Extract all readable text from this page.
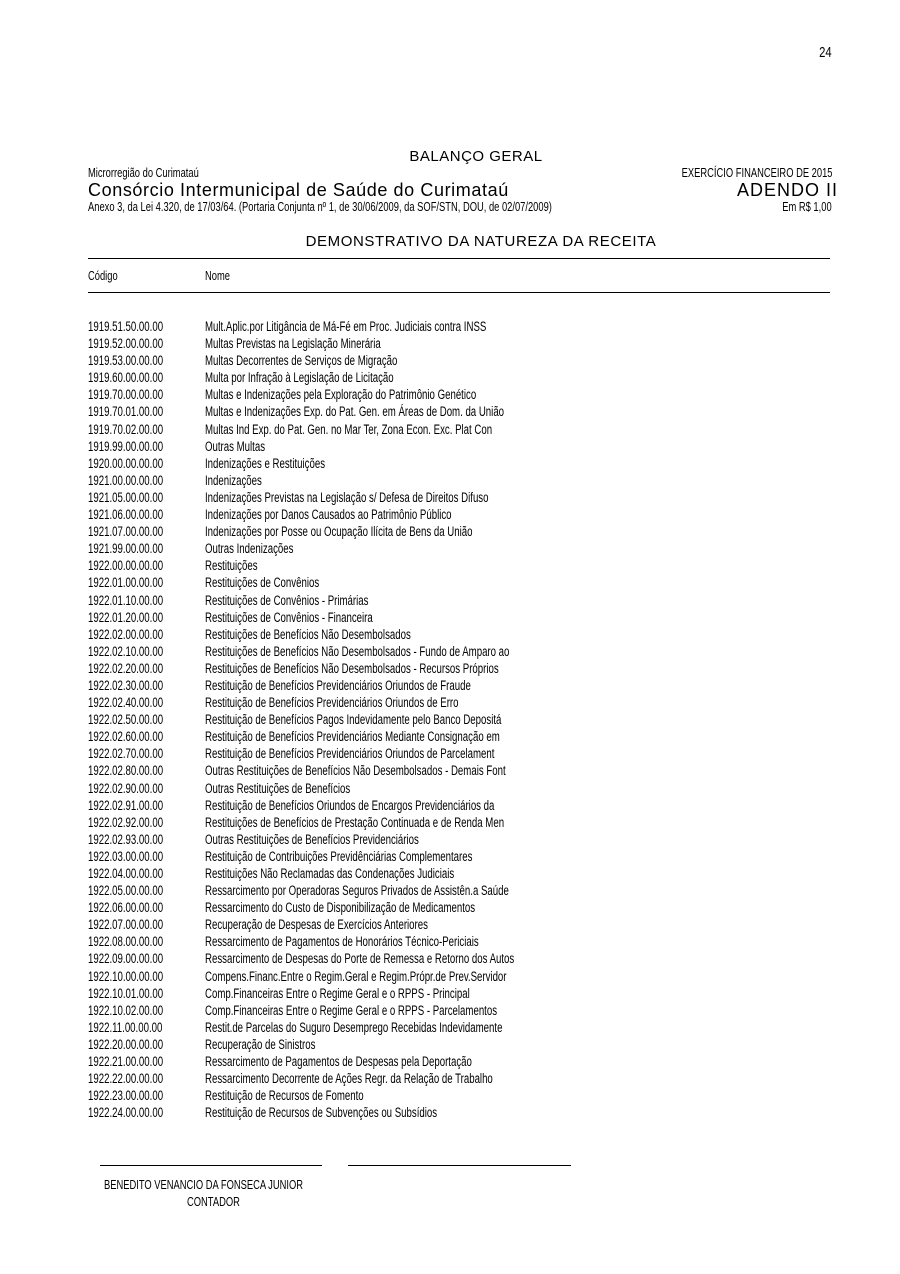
24
BALANÇO GERAL
Microrregião do Curimataú	EXERCÍCIO FINANCEIRO DE 2015
Consórcio Intermunicipal de Saúde do Curimataú	ADENDO II
Anexo 3, da Lei 4.320, de 17/03/64. (Portaria Conjunta nº 1, de 30/06/2009, da SOF/STN, DOU, de 02/07/2009)	Em R$ 1,00
DEMONSTRATIVO DA NATUREZA DA RECEITA
Código	Nome
1919.51.50.00.00	Mult.Aplic.por Litigância de Má-Fé em Proc. Judiciais contra INSS
1919.52.00.00.00	Multas Previstas na Legislação Minerária
1919.53.00.00.00	Multas Decorrentes de Serviços de Migração
1919.60.00.00.00	Multa por Infração à Legislação de Licitação
1919.70.00.00.00	Multas e Indenizações pela Exploração do Patrimônio Genético
1919.70.01.00.00	Multas e Indenizações Exp. do Pat. Gen. em Áreas de Dom. da União
1919.70.02.00.00	Multas Ind Exp. do Pat. Gen. no Mar Ter, Zona Econ. Exc. Plat Con
1919.99.00.00.00	Outras Multas
1920.00.00.00.00	Indenizações e Restituições
1921.00.00.00.00	Indenizações
1921.05.00.00.00	Indenizações Previstas na Legislação s/ Defesa de Direitos Difuso
1921.06.00.00.00	Indenizações por Danos Causados ao Patrimônio Público
1921.07.00.00.00	Indenizações por Posse ou Ocupação Ilícita de Bens da União
1921.99.00.00.00	Outras Indenizações
1922.00.00.00.00	Restituições
1922.01.00.00.00	Restituições de Convênios
1922.01.10.00.00	Restituições de Convênios - Primárias
1922.01.20.00.00	Restituições de Convênios - Financeira
1922.02.00.00.00	Restituições de Benefícios Não Desembolsados
1922.02.10.00.00	Restituições de Benefícios Não Desembolsados - Fundo de Amparo ao
1922.02.20.00.00	Restituições de Benefícios Não Desembolsados - Recursos Próprios
1922.02.30.00.00	Restituição de Benefícios Previdenciários Oriundos de Fraude
1922.02.40.00.00	Restituição de Benefícios Previdenciários Oriundos de Erro
1922.02.50.00.00	Restituição de Benefícios Pagos Indevidamente pelo Banco Depositá
1922.02.60.00.00	Restituição de Benefícios Previdenciários Mediante Consignação em
1922.02.70.00.00	Restituição de Benefícios Previdenciários Oriundos de Parcelament
1922.02.80.00.00	Outras Restituições de Benefícios Não Desembolsados - Demais Font
1922.02.90.00.00	Outras Restituições de Benefícios
1922.02.91.00.00	Restituição de Benefícios Oriundos de Encargos Previdenciários da
1922.02.92.00.00	Restituições de Benefícios de Prestação Continuada e de Renda Men
1922.02.93.00.00	Outras Restituições de Benefícios Previdenciários
1922.03.00.00.00	Restituição de Contribuições Previdênciárias Complementares
1922.04.00.00.00	Restituições Não Reclamadas das Condenações Judiciais
1922.05.00.00.00	Ressarcimento por Operadoras Seguros Privados de Assistên.a Saúde
1922.06.00.00.00	Ressarcimento do Custo de Disponibilização de Medicamentos
1922.07.00.00.00	Recuperação de Despesas de Exercícios Anteriores
1922.08.00.00.00	Ressarcimento de Pagamentos de Honorários Técnico-Periciais
1922.09.00.00.00	Ressarcimento de Despesas do Porte de Remessa e Retorno dos Autos
1922.10.00.00.00	Compens.Financ.Entre o Regim.Geral e Regim.Própr.de Prev.Servidor
1922.10.01.00.00	Comp.Financeiras Entre o Regime Geral e o RPPS - Principal
1922.10.02.00.00	Comp.Financeiras Entre o Regime Geral e o RPPS - Parcelamentos
1922.11.00.00.00	Restit.de Parcelas do Suguro Desemprego Recebidas Indevidamente
1922.20.00.00.00	Recuperação de Sinistros
1922.21.00.00.00	Ressarcimento de Pagamentos de Despesas pela Deportação
1922.22.00.00.00	Ressarcimento Decorrente de Ações Regr. da Relação de Trabalho
1922.23.00.00.00	Restituição de Recursos de Fomento
1922.24.00.00.00	Restituição de Recursos de Subvenções ou Subsídios
BENEDITO VENANCIO DA FONSECA JUNIOR
CONTADOR
